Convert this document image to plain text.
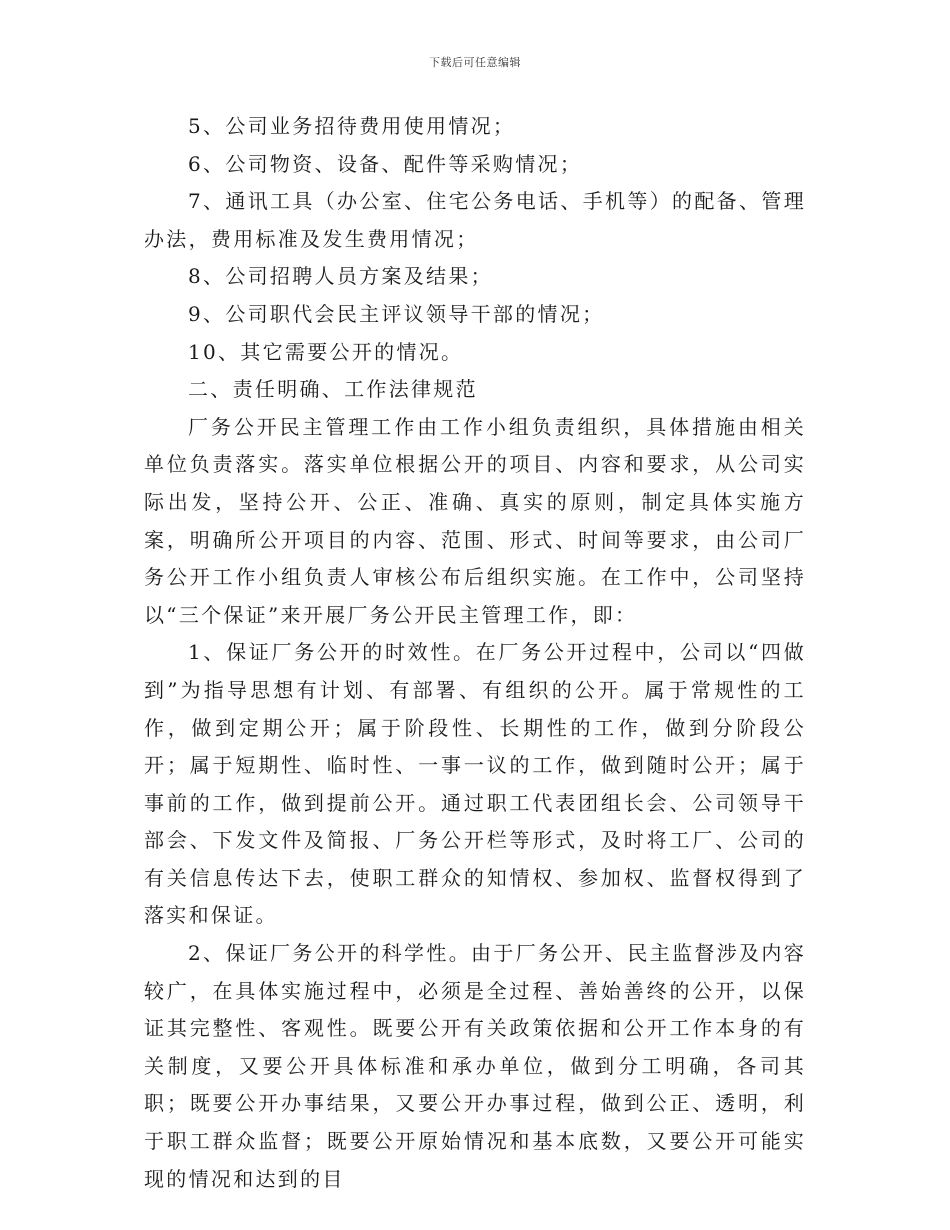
下载后可任意编辑

5、公司业务招待费用使用情况；

6、公司物资、设备、配件等采购情况；

7、通讯工具（办公室、住宅公务电话、手机等）的配备、管理办法，费用标准及发生费用情况；

8、公司招聘人员方案及结果；

9、公司职代会民主评议领导干部的情况；

10、其它需要公开的情况。

二、责任明确、工作法律规范

厂务公开民主管理工作由工作小组负责组织，具体措施由相关单位负责落实。落实单位根据公开的项目、内容和要求，从公司实际出发，坚持公开、公正、准确、真实的原则，制定具体实施方案，明确所公开项目的内容、范围、形式、时间等要求，由公司厂务公开工作小组负责人审核公布后组织实施。在工作中，公司坚持以“三个保证”来开展厂务公开民主管理工作，即：

1、保证厂务公开的时效性。在厂务公开过程中，公司以“四做到”为指导思想有计划、有部署、有组织的公开。属于常规性的工作，做到定期公开；属于阶段性、长期性的工作，做到分阶段公开；属于短期性、临时性、一事一议的工作，做到随时公开；属于事前的工作，做到提前公开。通过职工代表团组长会、公司领导干部会、下发文件及简报、厂务公开栏等形式，及时将工厂、公司的有关信息传达下去，使职工群众的知情权、参加权、监督权得到了落实和保证。

2、保证厂务公开的科学性。由于厂务公开、民主监督涉及内容较广，在具体实施过程中，必须是全过程、善始善终的公开，以保证其完整性、客观性。既要公开有关政策依据和公开工作本身的有关制度，又要公开具体标准和承办单位，做到分工明确，各司其职；既要公开办事结果，又要公开办事过程，做到公正、透明，利于职工群众监督；既要公开原始情况和基本底数，又要公开可能实现的情况和达到的目
